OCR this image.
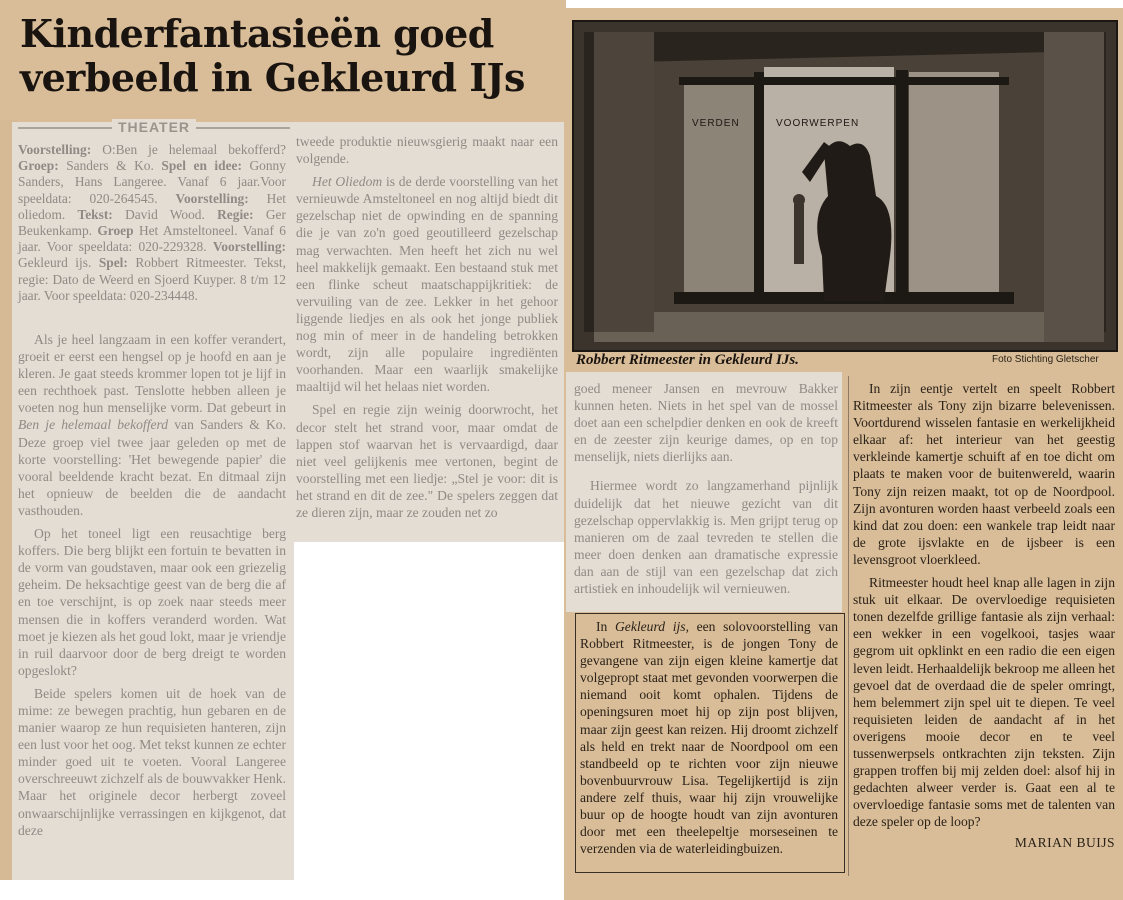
Kinderfantasieën goed verbeeld in Gekleurd IJs
THEATER
Voorstelling: O:Ben je helemaal bekofferd? Groep: Sanders & Ko. Spel en idee: Gonny Sanders, Hans Langeree. Vanaf 6 jaar.Voor speeldata: 020-264545. Voorstelling: Het oliedom. Tekst: David Wood. Regie: Ger Beukenkamp. Groep Het Amsteltoneel. Vanaf 6 jaar. Voor speeldata: 020-229328. Voorstelling: Gekleurd ijs. Spel: Robbert Ritmeester. Tekst, regie: Dato de Weerd en Sjoerd Kuyper. 8 t/m 12 jaar. Voor speeldata: 020-234448.

Als je heel langzaam in een koffer verandert, groeit er eerst een hengsel op je hoofd en aan je kleren. Je gaat steeds krommer lopen tot je lijf in een rechthoek past. Tenslotte hebben alleen je voeten nog hun menselijke vorm. Dat gebeurt in Ben je helemaal bekofferd van Sanders & Ko. Deze groep viel twee jaar geleden op met de korte voorstelling: 'Het bewegende papier' die vooral beeldende kracht bezat. En ditmaal zijn het opnieuw de beelden die de aandacht vasthouden.

Op het toneel ligt een reusachtige berg koffers. Die berg blijkt een fortuin te bevatten in de vorm van goudstaven, maar ook een griezelig geheim. De heksachtige geest van de berg die af en toe verschijnt, is op zoek naar steeds meer mensen die in koffers veranderd worden. Wat moet je kiezen als het goud lokt, maar je vriendje in ruil daarvoor door de berg dreigt te worden opgeslokt?

Beide spelers komen uit de hoek van de mime: ze bewegen prachtig, hun gebaren en de manier waarop ze hun requisieten hanteren, zijn een lust voor het oog. Met tekst kunnen ze echter minder goed uit te voeten. Vooral Langeree overschreeuwt zichzelf als de bouwvakker Henk. Maar het originele decor herbergt zoveel onwaarschijnlijke verrassingen en kijkgenot, dat deze

tweede produktie nieuwsgierig maakt naar een volgende.

Het Oliedom is de derde voorstelling van het vernieuwde Amsteltoneel en nog altijd biedt dit gezelschap niet de opwinding en de spanning die je van zo'n goed geoutilleerd gezelschap mag verwachten. Men heeft het zich nu wel heel makkelijk gemaakt. Een bestaand stuk met een flinke scheut maatschappijkritiek: de vervuiling van de zee. Lekker in het gehoor liggende liedjes en als ook het jonge publiek nog min of meer in de handeling betrokken wordt, zijn alle populaire ingrediënten voorhanden. Maar een waarlijk smakelijke maaltijd wil het helaas niet worden.

Spel en regie zijn weinig doorwrocht, het decor stelt het strand voor, maar omdat de lappen stof waarvan het is vervaardigd, daar niet veel gelijkenis mee vertonen, begint de voorstelling met een liedje: „Stel je voor: dit is het strand en dit de zee." De spelers zeggen dat ze dieren zijn, maar ze zouden net zo

VERDEN	VOORWERPEN
Robbert Ritmeester in Gekleurd IJs.	Foto Stichting Gletscher

goed meneer Jansen en mevrouw Bakker kunnen heten. Niets in het spel van de mossel doet aan een schelpdier denken en ook de kreeft en de zeester zijn keurige dames, op en top menselijk, niets dierlijks aan.

Hiermee wordt zo langzamerhand pijnlijk duidelijk dat het nieuwe gezicht van dit gezelschap oppervlakkig is. Men grijpt terug op manieren om de zaal tevreden te stellen die meer doen denken aan dramatische expressie dan aan de stijl van een gezelschap dat zich artistiek en inhoudelijk wil vernieuwen.

In Gekleurd ijs, een solovoorstelling van Robbert Ritmeester, is de jongen Tony de gevangene van zijn eigen kleine kamertje dat volgepropt staat met gevonden voorwerpen die niemand ooit komt ophalen. Tijdens de openingsuren moet hij op zijn post blijven, maar zijn geest kan reizen. Hij droomt zichzelf als held en trekt naar de Noordpool om een standbeeld op te richten voor zijn nieuwe bovenbuurvrouw Lisa. Tegelijkertijd is zijn andere zelf thuis, waar hij zijn vrouwelijke buur op de hoogte houdt van zijn avonturen door met een theelepeltje morseseinen te verzenden via de waterleidingbuizen.

In zijn eentje vertelt en speelt Robbert Ritmeester als Tony zijn bizarre belevenissen. Voortdurend wisselen fantasie en werkelijkheid elkaar af: het interieur van het geestig verkleinde kamertje schuift af en toe dicht om plaats te maken voor de buitenwereld, waarin Tony zijn reizen maakt, tot op de Noordpool. Zijn avonturen worden haast verbeeld zoals een kind dat zou doen: een wankele trap leidt naar de grote ijsvlakte en de ijsbeer is een levensgroot vloerkleed.

Ritmeester houdt heel knap alle lagen in zijn stuk uit elkaar. De overvloedige requisieten tonen dezelfde grillige fantasie als zijn verhaal: een wekker in een vogelkooi, tasjes waar gegrom uit opklinkt en een radio die een eigen leven leidt. Herhaaldelijk bekroop me alleen het gevoel dat de overdaad die de speler omringt, hem belemmert zijn spel uit te diepen. Te veel requisieten leiden de aandacht af in het overigens mooie decor en te veel tussenwerpsels ontkrachten zijn teksten. Zijn grappen troffen bij mij zelden doel: alsof hij in gedachten alweer verder is. Gaat een al te overvloedige fantasie soms met de talenten van deze speler op de loop?

MARIAN BUIJS
